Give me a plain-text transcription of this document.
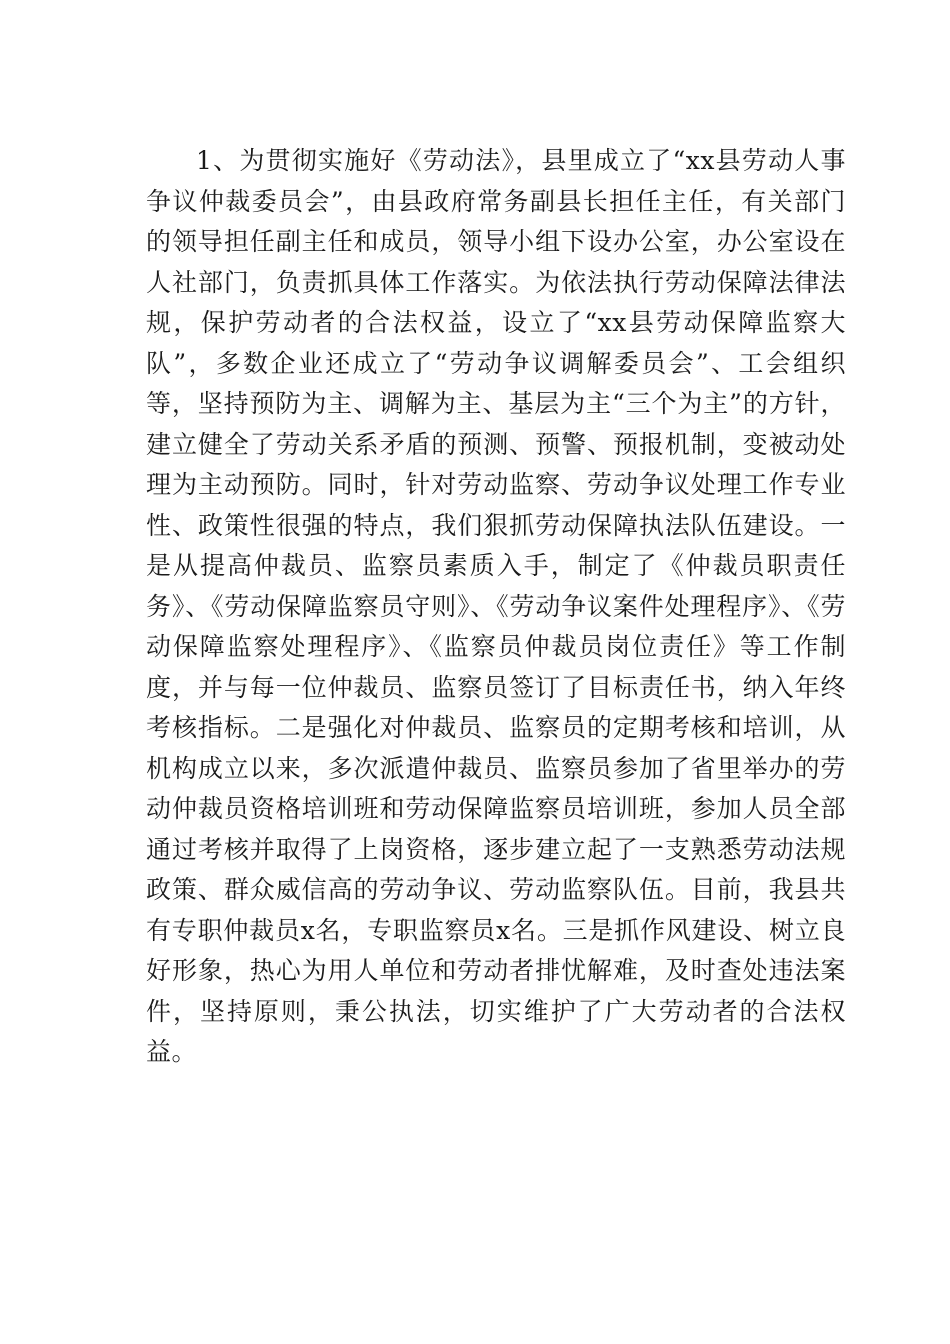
1、为贯彻实施好《劳动法》，县里成立了“xx县劳动人事争议仲裁委员会”，由县政府常务副县长担任主任，有关部门的领导担任副主任和成员，领导小组下设办公室，办公室设在人社部门，负责抓具体工作落实。为依法执行劳动保障法律法规，保护劳动者的合法权益，设立了“xx县劳动保障监察大队”，多数企业还成立了“劳动争议调解委员会”、工会组织等，坚持预防为主、调解为主、基层为主“三个为主”的方针，建立健全了劳动关系矛盾的预测、预警、预报机制，变被动处理为主动预防。同时，针对劳动监察、劳动争议处理工作专业性、政策性很强的特点，我们狠抓劳动保障执法队伍建设。一是从提高仲裁员、监察员素质入手，制定了《仲裁员职责任务》、《劳动保障监察员守则》、《劳动争议案件处理程序》、《劳动保障监察处理程序》、《监察员仲裁员岗位责任》等工作制度，并与每一位仲裁员、监察员签订了目标责任书，纳入年终考核指标。二是强化对仲裁员、监察员的定期考核和培训，从机构成立以来，多次派遣仲裁员、监察员参加了省里举办的劳动仲裁员资格培训班和劳动保障监察员培训班，参加人员全部通过考核并取得了上岗资格，逐步建立起了一支熟悉劳动法规政策、群众威信高的劳动争议、劳动监察队伍。目前，我县共有专职仲裁员x名，专职监察员x名。三是抓作风建设、树立良好形象，热心为用人单位和劳动者排忧解难，及时查处违法案件，坚持原则，秉公执法，切实维护了广大劳动者的合法权益。
